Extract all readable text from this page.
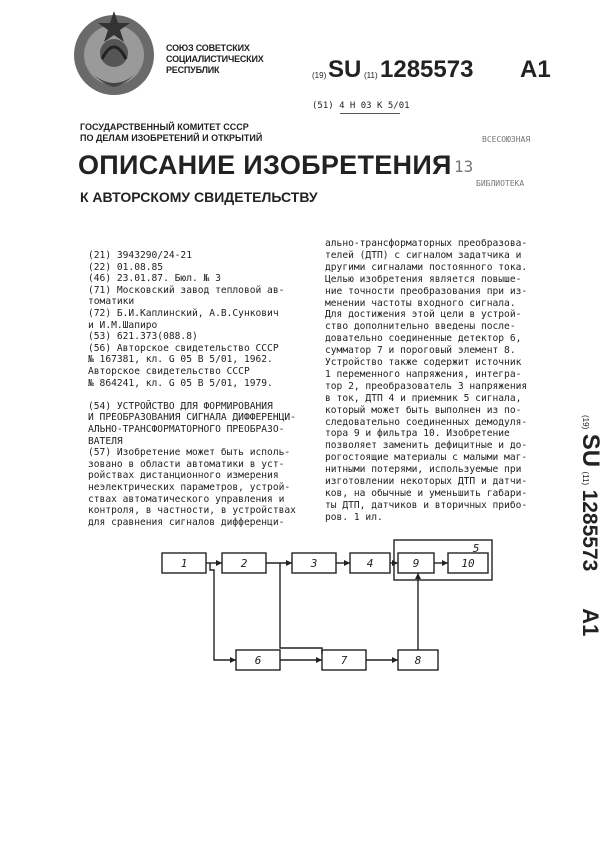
СОЮЗ СОВЕТСКИХ
СОЦИАЛИСТИЧЕСКИХ
РЕСПУБЛИК
(19) SU (11) 1285573 A1
(51) 4 Н 03 К 5/01
ГОСУДАРСТВЕННЫЙ КОМИТЕТ СССР
ПО ДЕЛАМ ИЗОБРЕТЕНИЙ И ОТКРЫТИЙ
ОПИСАНИЕ ИЗОБРЕТЕНИЯ
К АВТОРСКОМУ СВИДЕТЕЛЬСТВУ
ВСЕСОЮЗНАЯ
13
БИБЛИОТЕКА
(21) 3943290/24-21
(22) 01.08.85
(46) 23.01.87. Бюл. № 3
(71) Московский завод тепловой ав-
томатики
(72) Б.И.Каплинский, А.В.Сункович
и И.М.Шапиро
(53) 621.373(088.8)
(56) Авторское свидетельство СССР
№ 167381, кл. G 05 B 5/01, 1962.
Авторское свидетельство СССР
№ 864241, кл. G 05 B 5/01, 1979.
(54) УСТРОЙСТВО ДЛЯ ФОРМИРОВАНИЯ
И ПРЕОБРАЗОВАНИЯ СИГНАЛА ДИФФЕРЕНЦИ-
АЛЬНО-ТРАНСФОРМАТОРНОГО ПРЕОБРАЗО-
ВАТЕЛЯ
(57) Изобретение может быть исполь-
зовано в области автоматики в уст-
ройствах дистанционного измерения
неэлектрических параметров, устрой-
ствах автоматического управления и
контроля, в частности, в устройствах
для сравнения сигналов дифференци-
ально-трансформаторных преобразова-
телей (ДТП) с сигналом задатчика и
другими сигналами постоянного тока.
Целью изобретения является повыше-
ние точности преобразования при из-
менении частоты входного сигнала.
Для достижения этой цели в устрой-
ство дополнительно введены после-
довательно соединенные детектор 6,
сумматор 7 и пороговый элемент 8.
Устройство также содержит источник
1 переменного напряжения, интегра-
тор 2, преобразователь 3 напряжения
в ток, ДТП 4 и приемник 5 сигнала,
который может быть выполнен из по-
следовательно соединенных демодуля-
тора 9 и фильтра 10. Изобретение
позволяет заменить дефицитные и до-
рогостоящие материалы с малыми маг-
нитными потерями, используемые при
изготовлении некоторых ДТП и датчи-
ков, на обычные и уменьшить габари-
ты ДТП, датчиков и вторичных прибо-
ров. 1 ил.
(19) SU (11) 1285573  A1
1	2	3	4	9	10
6	7	8
5
